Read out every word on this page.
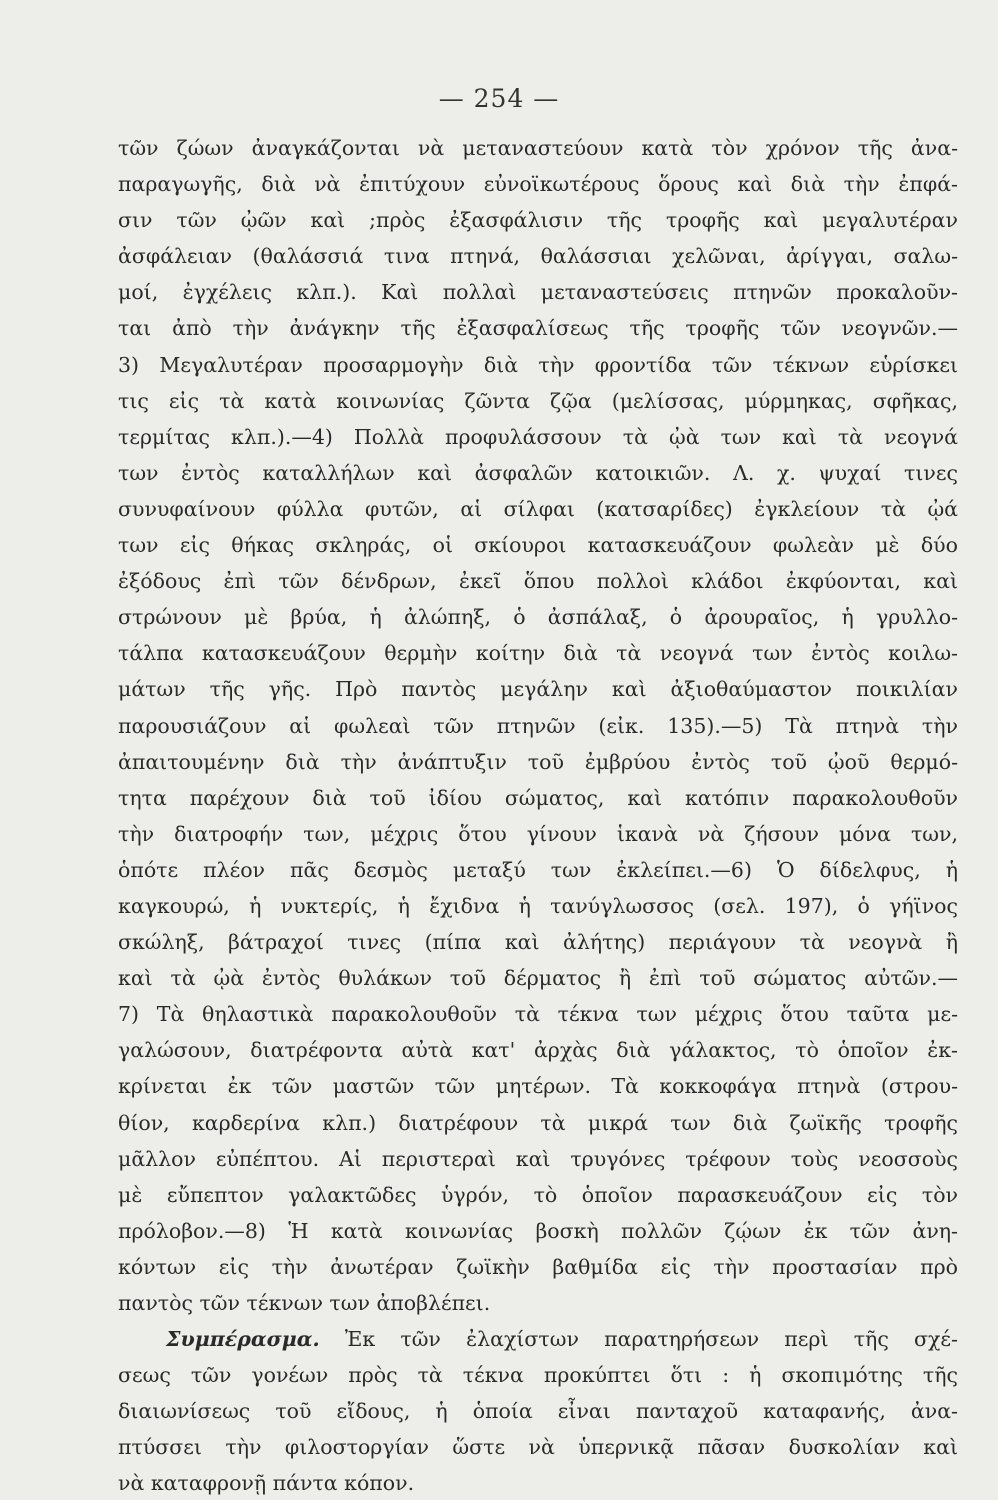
— 254 —
τῶν ζώων ἀναγκάζονται νὰ μεταναστεύουν κατὰ τὸν χρόνον τῆς ἀνα-
παραγωγῆς, διὰ νὰ ἐπιτύχουν εὐνοϊκωτέρους ὅρους καὶ διὰ τὴν ἐπφά-
σιν τῶν ᾠῶν καὶ ;πρὸς ἐξασφάλισιν τῆς τροφῆς καὶ μεγαλυτέραν
ἀσφάλειαν (θαλάσσιά τινα πτηνά, θαλάσσιαι χελῶναι, ἀρίγγαι, σαλω-
μοί, ἐγχέλεις κλπ.). Καὶ πολλαὶ μεταναστεύσεις πτηνῶν προκαλοῦν-
ται ἀπὸ τὴν ἀνάγκην τῆς ἐξασφαλίσεως τῆς τροφῆς τῶν νεογνῶν.—
3) Μεγαλυτέραν προσαρμογὴν διὰ τὴν φροντίδα τῶν τέκνων εὑρίσκει
τις εἰς τὰ κατὰ κοινωνίας ζῶντα ζῷα (μελίσσας, μύρμηκας, σφῆκας,
τερμίτας κλπ.).—4) Πολλὰ προφυλάσσουν τὰ ᾠὰ των καὶ τὰ νεογνά
των ἐντὸς καταλλήλων καὶ ἀσφαλῶν κατοικιῶν. Λ. χ. ψυχαί τινες
συνυφαίνουν φύλλα φυτῶν, αἱ σίλφαι (κατσαρίδες) ἐγκλείουν τὰ ᾠά
των εἰς θήκας σκληράς, οἱ σκίουροι κατασκευάζουν φωλεὰν μὲ δύο
ἐξόδους ἐπὶ τῶν δένδρων, ἐκεῖ ὅπου πολλοὶ κλάδοι ἐκφύονται, καὶ
στρώνουν μὲ βρύα, ἡ ἀλώπηξ, ὁ ἀσπάλαξ, ὁ ἀρουραῖος, ἡ γρυλλο-
τάλπα κατασκευάζουν θερμὴν κοίτην διὰ τὰ νεογνά των ἐντὸς κοιλω-
μάτων τῆς γῆς. Πρὸ παντὸς μεγάλην καὶ ἀξιοθαύμαστον ποικιλίαν
παρουσιάζουν αἱ φωλεαὶ τῶν πτηνῶν (εἰκ. 135).—5) Τὰ πτηνὰ τὴν
ἀπαιτουμένην διὰ τὴν ἀνάπτυξιν τοῦ ἐμβρύου ἐντὸς τοῦ ᾠοῦ θερμό-
τητα παρέχουν διὰ τοῦ ἰδίου σώματος, καὶ κατόπιν παρακολουθοῦν
τὴν διατροφήν των, μέχρις ὅτου γίνουν ἱκανὰ νὰ ζήσουν μόνα των,
ὁπότε πλέον πᾶς δεσμὸς μεταξύ των ἐκλείπει.—6) Ὁ δίδελφυς, ἡ
καγκουρώ, ἡ νυκτερίς, ἡ ἔχιδνα ἡ τανύγλωσσος (σελ. 197), ὁ γήϊνος
σκώληξ, βάτραχοί τινες (πίπα καὶ ἀλήτης) περιάγουν τὰ νεογνὰ ἢ
καὶ τὰ ᾠὰ ἐντὸς θυλάκων τοῦ δέρματος ἢ ἐπὶ τοῦ σώματος αὐτῶν.—
7) Τὰ θηλαστικὰ παρακολουθοῦν τὰ τέκνα των μέχρις ὅτου ταῦτα με-
γαλώσουν, διατρέφοντα αὐτὰ κατ' ἀρχὰς διὰ γάλακτος, τὸ ὁποῖον ἐκ-
κρίνεται ἐκ τῶν μαστῶν τῶν μητέρων. Τὰ κοκκοφάγα πτηνὰ (στρου-
θίον, καρδερίνα κλπ.) διατρέφουν τὰ μικρά των διὰ ζωϊκῆς τροφῆς
μᾶλλον εὐπέπτου. Αἱ περιστεραὶ καὶ τρυγόνες τρέφουν τοὺς νεοσσοὺς
μὲ εὔπεπτον γαλακτῶδες ὑγρόν, τὸ ὁποῖον παρασκευάζουν εἰς τὸν
πρόλοβον.—8) Ἡ κατὰ κοινωνίας βοσκὴ πολλῶν ζῴων ἐκ τῶν ἀνη-
κόντων εἰς τὴν ἀνωτέραν ζωϊκὴν βαθμίδα εἰς τὴν προστασίαν πρὸ
παντὸς τῶν τέκνων των ἀποβλέπει.
Συμπέρασμα. Ἐκ τῶν ἐλαχίστων παρατηρήσεων περὶ τῆς σχέ-
σεως τῶν γονέων πρὸς τὰ τέκνα προκύπτει ὅτι : ἡ σκοπιμότης τῆς
διαιωνίσεως τοῦ εἴδους, ἡ ὁποία εἶναι πανταχοῦ καταφανής, ἀνα-
πτύσσει τὴν φιλοστοργίαν ὥστε νὰ ὑπερνικᾷ πᾶσαν δυσκολίαν καὶ
νὰ καταφρονῇ πάντα κόπον.
